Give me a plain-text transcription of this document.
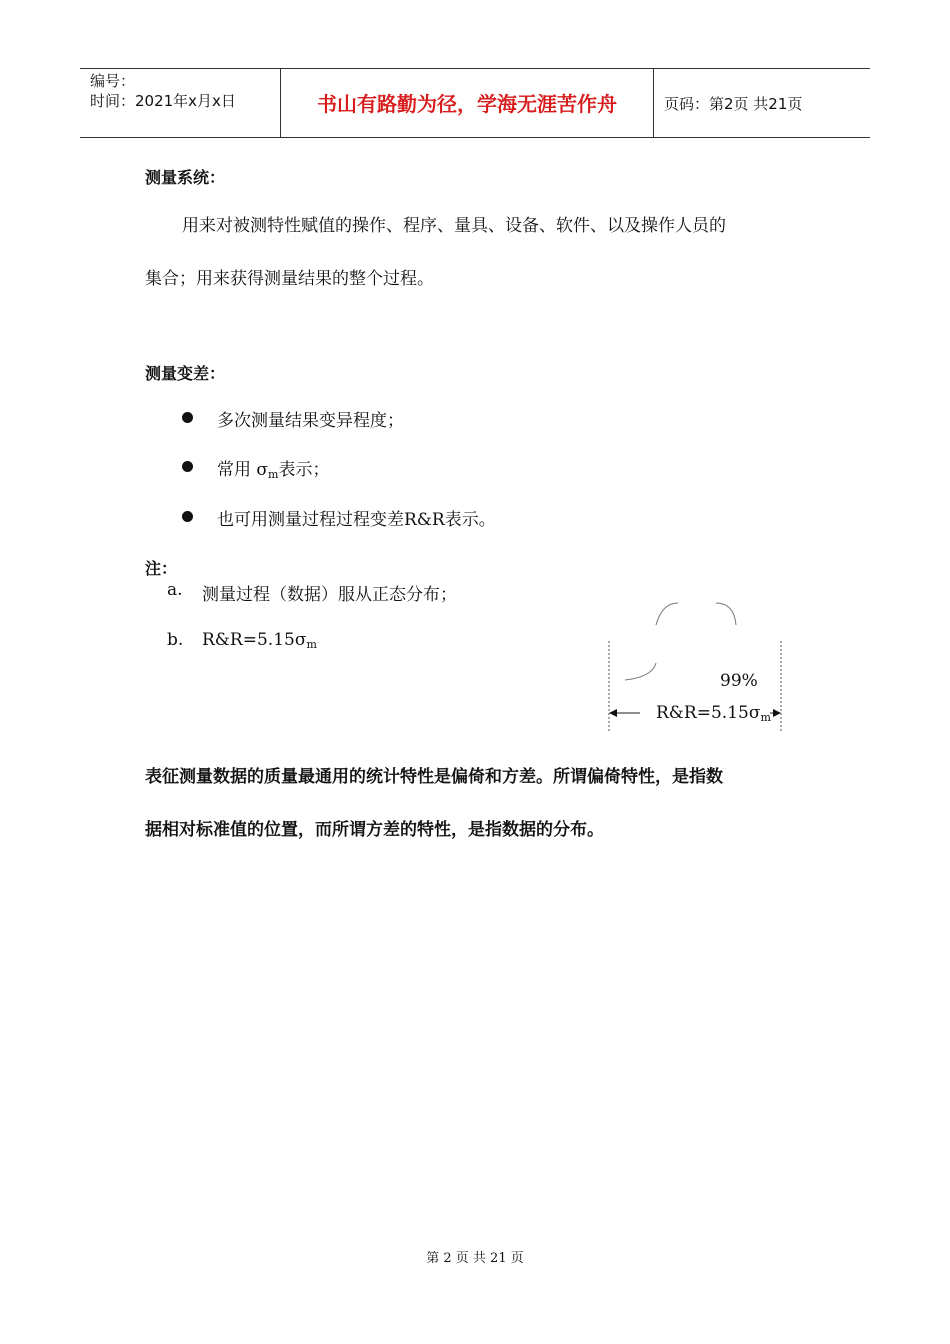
编号：
时间：2021年x月x日	书山有路勤为径，学海无涯苦作舟	页码：第2页 共21页
测量系统：
用来对被测特性赋值的操作、程序、量具、设备、软件、以及操作人员的
集合；用来获得测量结果的整个过程。
测量变差：
多次测量结果变异程度；
常用 $\sigma_m$表示；
也可用测量过程过程变差R&R表示。
注：
a. 测量过程（数据）服从正态分布；
b. $R\&R=5.15\sigma_m$
99%
$R\&R=5.15\sigma_m$
表征测量数据的质量最通用的统计特性是偏倚和方差。所谓偏倚特性，是指数
据相对标准值的位置，而所谓方差的特性，是指数据的分布。
第 2 页 共 21 页
